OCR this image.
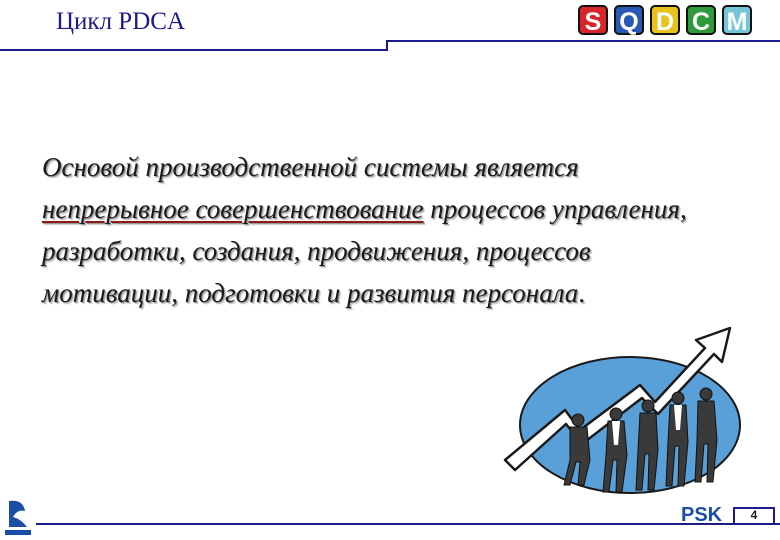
Цикл PDCA	S Q D C M
Основой производственной системы является непрерывное совершенствование процессов управления, разработки, создания, продвижения, процессов мотивации, подготовки и развития персонала.
PSK	4
